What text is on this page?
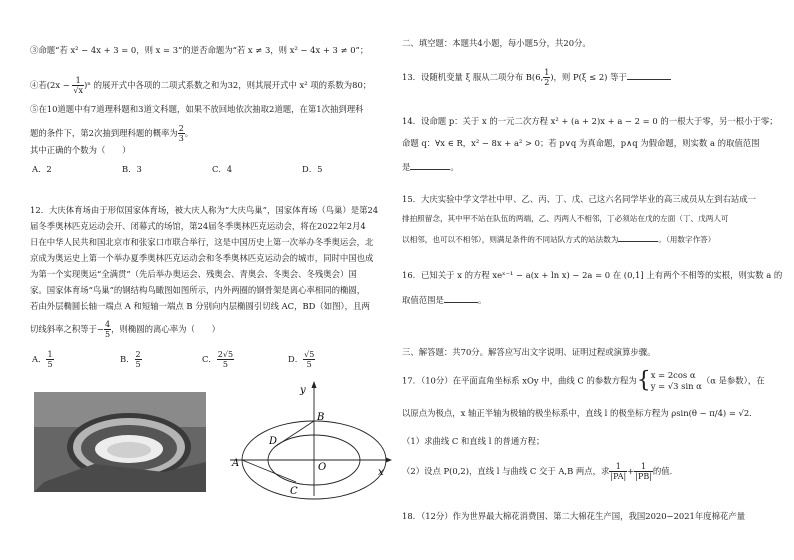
③命题“若 x² − 4x + 3 = 0，则 x = 3”的逆否命题为“若 x ≠ 3，则 x² − 4x + 3 ≠ 0”；
④若$(2x - \frac{1}{√x} )^n$ 的展开式中各项的二项式系数之和为32，则其展开式中 x² 项的系数为80；
⑤在10道题中有7道理科题和3道文科题，如果不放回地依次抽取2道题，在第1次抽到理科
题的条件下，第2次抽到理科题的概率为 $\frac{2}{3}$ 。
其中正确的个数为（　　）
A．2	B．3	C．4	D．5
12．大庆体育场由于形似国家体育场，被大庆人称为“大庆鸟巢”，国家体育场（鸟巢）是第24
届冬季奥林匹克运动会开、闭幕式的场馆，第24届冬季奥林匹克运动会，将在2022年2月4
日在中华人民共和国北京市和张家口市联合举行，这是中国历史上第一次举办冬季奥运会，北
京成为奥运史上第一个举办夏季奥林匹克运动会和冬季奥林匹克运动会的城市，同时中国也成
为第一个实现奥运“全满贯”（先后举办奥运会、残奥会、青奥会、冬奥会、冬残奥会）国
家。国家体育场“鸟巢”的钢结构鸟瞰图如图所示，内外两圈的钢骨架是离心率相同的椭圆，
若由外层椭圆长轴一端点 A 和短轴一端点 B 分别向内层椭圆引切线 AC，BD（如图），且两
切线斜率之积等于− $\frac{4}{5}$ ，则椭圆的离心率为（　　）
A． $\frac{1}{5}$	B． $\frac{2}{5}$	C． $\frac{2√5}{5}$	D． $\frac{√5}{5}$
y
x
B
D
A
C
O
二、填空题：本题共4小题，每小题5分，共20分。
13．设随机变量 ξ 服从二项分布 B(6, $\frac{1}{2}$ )，则 P(ξ ≤ 2) 等于
14．设命题 p：关于 x 的一元二次方程 x² + (a + 2)x + a − 2 = 0 的一根大于零，另一根小于零；
命题 q：∀x ∈ R，x² − 8x + a² > 0；若 p∨q 为真命题，p∧q 为假命题，则实数 a 的取值范围
是	。
15．大庆实验中学文学社中甲、乙、丙、丁、戊、己这六名同学毕业的高三成员从左到右站成一
排拍照留念，其中甲不站在队伍的两端，乙、丙两人不相邻，丁必须站在戊的左面（丁、戊两人可
以相邻，也可以不相邻），则满足条件的不同站队方式的站法数为	。（用数字作答）
16．已知关于 x 的方程 xeˣ⁻¹ − a(x + ln x) − 2a = 0 在 (0,1] 上有两个不相等的实根，则实数 a 的
取值范围是	。
三、解答题：共70分。解答应写出文字说明、证明过程或演算步骤。
17．（10分）在平面直角坐标系 xOy 中，曲线 C 的参数方程为{ x = 2cos α
y = √3 sin α
（α 是参数），在
以原点为极点，x 轴正半轴为极轴的极坐标系中，直线 l 的极坐标方程为 ρsin(θ − π/4) = √2．
（1）求曲线 C 和直线 l 的普通方程；
（2）设点 P(0,2)，直线 l 与曲线 C 交于 A,B 两点，求 $\frac{1}{|PA|} + \frac{1}{|PB|}$ 的值．
18．（12分）作为世界最大棉花消费国、第二大棉花生产国，我国2020−2021年度棉花产量
